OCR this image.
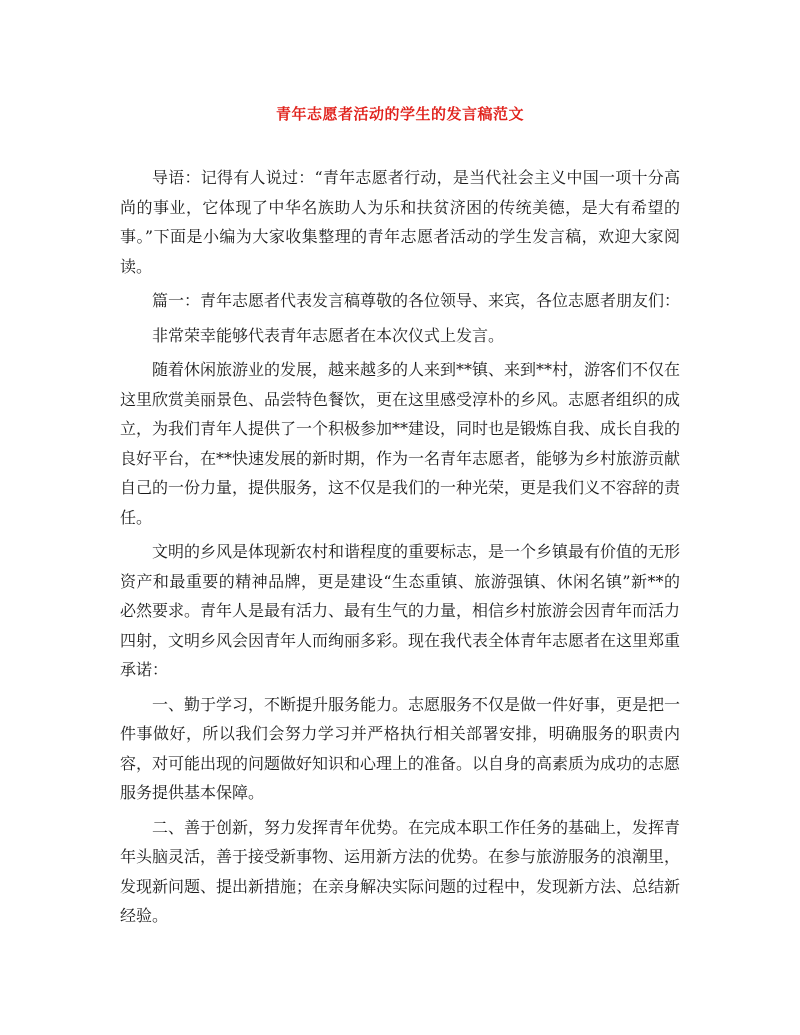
青年志愿者活动的学生的发言稿范文

导语：记得有人说过：“青年志愿者行动，是当代社会主义中国一项十分高尚的事业，它体现了中华名族助人为乐和扶贫济困的传统美德，是大有希望的事。”下面是小编为大家收集整理的青年志愿者活动的学生发言稿，欢迎大家阅读。

篇一：青年志愿者代表发言稿尊敬的各位领导、来宾，各位志愿者朋友们：

非常荣幸能够代表青年志愿者在本次仪式上发言。

随着休闲旅游业的发展，越来越多的人来到**镇、来到**村，游客们不仅在这里欣赏美丽景色、品尝特色餐饮，更在这里感受淳朴的乡风。志愿者组织的成立，为我们青年人提供了一个积极参加**建设，同时也是锻炼自我、成长自我的良好平台，在**快速发展的新时期，作为一名青年志愿者，能够为乡村旅游贡献自己的一份力量，提供服务，这不仅是我们的一种光荣，更是我们义不容辞的责任。

文明的乡风是体现新农村和谐程度的重要标志，是一个乡镇最有价值的无形资产和最重要的精神品牌，更是建设“生态重镇、旅游强镇、休闲名镇”新**的必然要求。青年人是最有活力、最有生气的力量，相信乡村旅游会因青年而活力四射，文明乡风会因青年人而绚丽多彩。现在我代表全体青年志愿者在这里郑重承诺：

一、勤于学习，不断提升服务能力。志愿服务不仅是做一件好事，更是把一件事做好，所以我们会努力学习并严格执行相关部署安排，明确服务的职责内容，对可能出现的问题做好知识和心理上的准备。以自身的高素质为成功的志愿服务提供基本保障。

二、善于创新，努力发挥青年优势。在完成本职工作任务的基础上，发挥青年头脑灵活，善于接受新事物、运用新方法的优势。在参与旅游服务的浪潮里，发现新问题、提出新措施；在亲身解决实际问题的过程中，发现新方法、总结新经验。
